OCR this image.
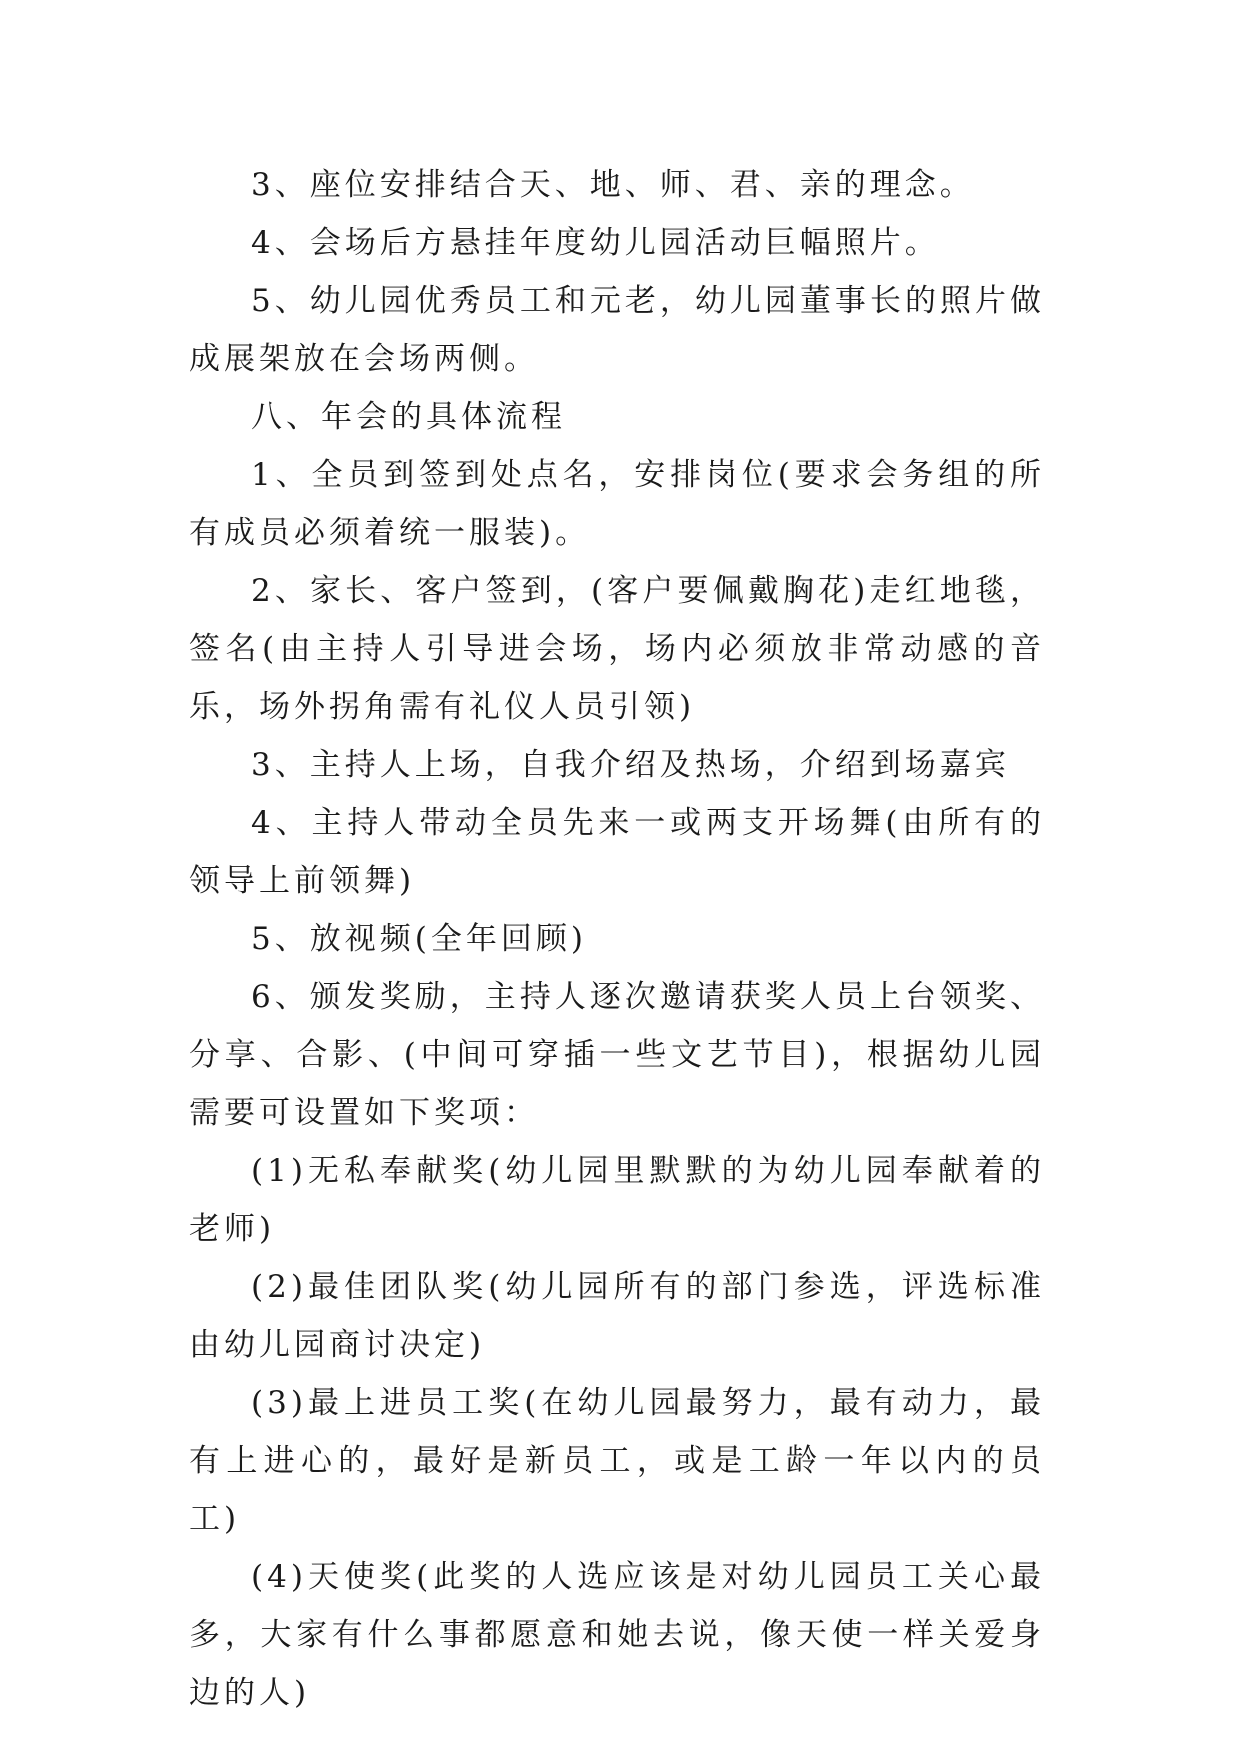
3、座位安排结合天、地、师、君、亲的理念。

4、会场后方悬挂年度幼儿园活动巨幅照片。

5、幼儿园优秀员工和元老，幼儿园董事长的照片做成展架放在会场两侧。

八、年会的具体流程

1、全员到签到处点名，安排岗位(要求会务组的所有成员必须着统一服装)。

2、家长、客户签到，(客户要佩戴胸花)走红地毯，签名(由主持人引导进会场，场内必须放非常动感的音乐，场外拐角需有礼仪人员引领)

3、主持人上场，自我介绍及热场，介绍到场嘉宾

4、主持人带动全员先来一或两支开场舞(由所有的领导上前领舞)

5、放视频(全年回顾)

6、颁发奖励，主持人逐次邀请获奖人员上台领奖、分享、合影、(中间可穿插一些文艺节目)，根据幼儿园需要可设置如下奖项：

(1)无私奉献奖(幼儿园里默默的为幼儿园奉献着的老师)

(2)最佳团队奖(幼儿园所有的部门参选，评选标准由幼儿园商讨决定)

(3)最上进员工奖(在幼儿园最努力，最有动力，最有上进心的，最好是新员工，或是工龄一年以内的员工)

(4)天使奖(此奖的人选应该是对幼儿园员工关心最多，大家有什么事都愿意和她去说，像天使一样关爱身边的人)
